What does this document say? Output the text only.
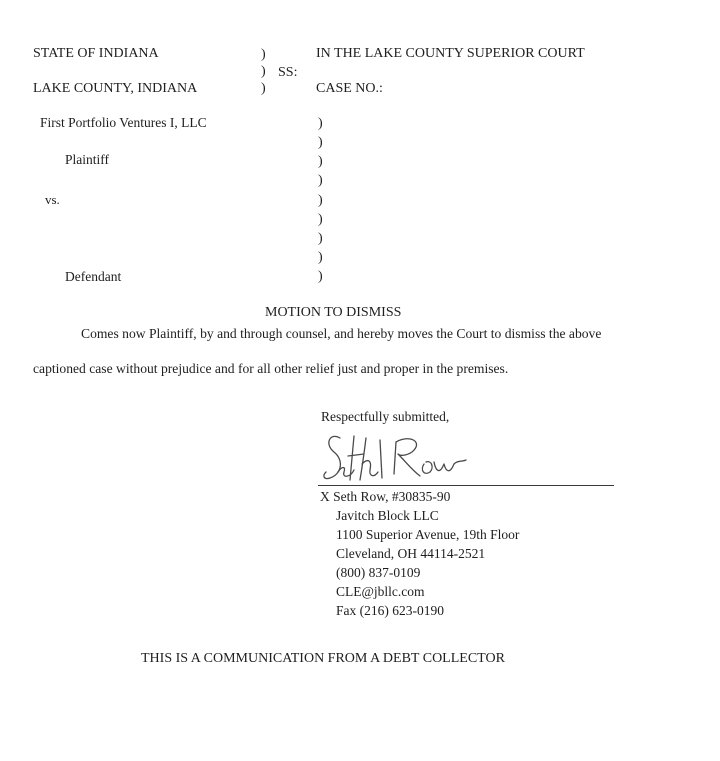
STATE OF INDIANA
LAKE COUNTY, INDIANA
)
)
)
SS:
IN THE LAKE COUNTY SUPERIOR COURT
CASE NO.:
First Portfolio Ventures I, LLC
Plaintiff
vs.
Defendant
)
)
)
)
)
)
)
)
)
MOTION TO DISMISS
Comes now Plaintiff, by and through counsel, and hereby moves the Court to dismiss the above
captioned case without prejudice and for all other relief just and proper in the premises.
Respectfully submitted,
X Seth Row, #30835-90
Javitch Block LLC
1100 Superior Avenue, 19th Floor
Cleveland, OH 44114-2521
(800) 837-0109
CLE@jbllc.com
Fax (216) 623-0190
THIS IS A COMMUNICATION FROM A DEBT COLLECTOR
